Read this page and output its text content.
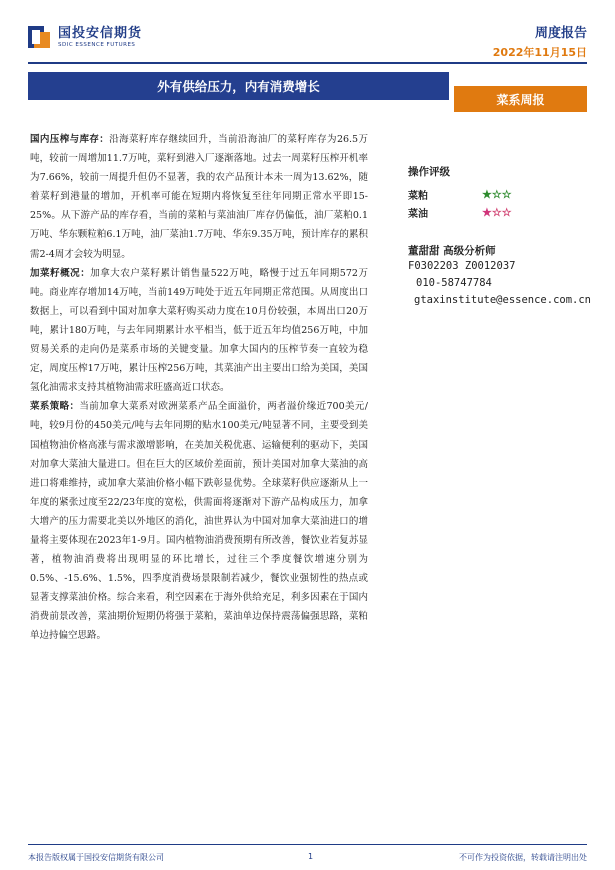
国投安信期货
SDIC ESSENCE FUTURES
周度报告
2022年11月15日
外有供给压力，内有消费增长
菜系周报

国内压榨与库存：沿海菜籽库存继续回升，当前沿海油厂的菜籽库存为26.5万吨，较前一周增加11.7万吨，菜籽到港入厂逐渐落地。过去一周菜籽压榨开机率为7.66%，较前一周提升但仍不显著，我的农产品预计本未一周为13.62%，随着菜籽到港量的增加，开机率可能在短期内将恢复至往年同期正常水平即15-25%。从下游产品的库存看，当前的菜粕与菜油油厂库存仍偏低，油厂菜粕0.1万吨、华东颗粒粕6.1万吨，油厂菜油1.7万吨、华东9.35万吨，预计库存的累积需2-4周才会较为明显。

加菜籽概况：加拿大农户菜籽累计销售量522万吨，略慢于过五年同期572万吨。商业库存增加14万吨，当前149万吨处于近五年同期正常范围。从周度出口数据上，可以看到中国对加拿大菜籽购买动力度在10月份较强，本周出口20万吨，累计180万吨，与去年同期累计水平相当，低于近五年均值256万吨，中加贸易关系的走向仍是菜系市场的关键变量。加拿大国内的压榨节奏一直较为稳定，周度压榨17万吨，累计压榨256万吨，其菜油产出主要出口给为美国，美国氢化油需求支持其植物油需求旺盛高近口状态。

菜系策略：当前加拿大菜系对欧洲菜系产品全面溢价，两者溢价缘近700美元/吨，较9月份的450美元/吨与去年同期的贴水100美元/吨显著不同，主要受到美国植物油价格高涨与需求激增影响，在美加关税优惠、运输便利的驱动下，美国对加拿大菜油大量进口。但在巨大的区域价差面前，预计美国对加拿大菜油的高进口将难维持，或加拿大菜油价格小幅下跌彰显优势。全球菜籽供应逐渐从上一年度的紧张过度至22/23年度的宽松，供需面将逐渐对下游产品构成压力，加拿大增产的压力需要北美以外地区的消化，油世界认为中国对加拿大菜油进口的增量将主要体现在2023年1-9月。国内植物油消费预期有所改善，餐饮业若复苏显著，植物油消费将出现明显的环比增长，过往三个季度餐饮增速分别为0.5%、-15.6%、1.5%，四季度消费场景限制若减少，餐饮业强韧性的热点或显著支撑菜油价格。综合来看，利空因素在于海外供给充足，利多因素在于国内消费前景改善，菜油期价短期仍将强于菜粕，菜油单边保持震荡偏强思路，菜粕单边持偏空思路。

操作评级
菜粕	★☆☆
菜油	★☆☆
董甜甜 高级分析师
F0302203 Z0012037
010-58747784
gtaxinstitute@essence.com.cn
本报告版权属于国投安信期货有限公司	1	不可作为投资依据，转载请注明出处
